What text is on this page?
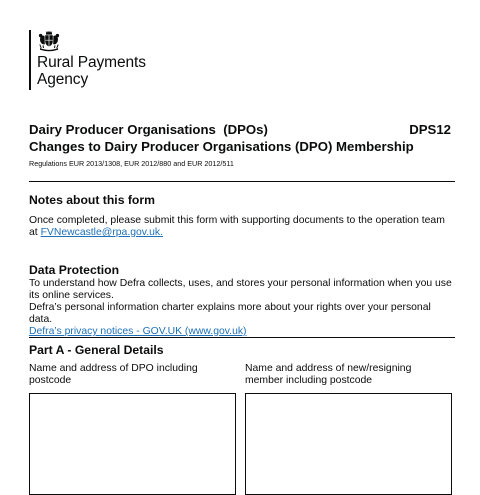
Rural Payments
Agency
Dairy Producer Organisations  (DPOs)	DPS12
Changes to Dairy Producer Organisations (DPO) Membership
Regulations EUR 2013/1308, EUR 2012/880 and EUR 2012/511
Notes about this form
Once completed, please submit this form with supporting documents to the operation team at FVNewcastle@rpa.gov.uk.
Data Protection
To understand how Defra collects, uses, and stores your personal information when you use its online services.
Defra’s personal information charter explains more about your rights over your personal data.
Defra’s privacy notices - GOV.UK (www.gov.uk)
Part A - General Details
Name and address of DPO including postcode
Name and address of new/resigning member including postcode
